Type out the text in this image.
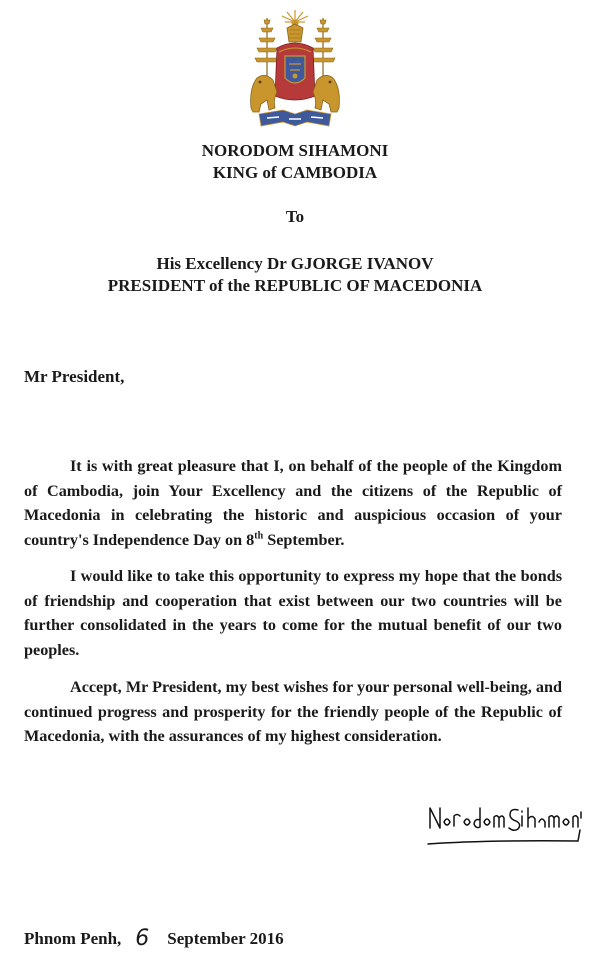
NORODOM SIHAMONI
KING of CAMBODIA
To
His Excellency Dr GJORGE IVANOV
PRESIDENT of the REPUBLIC OF MACEDONIA
Mr President,

It is with great pleasure that I, on behalf of the people of the Kingdom of Cambodia, join Your Excellency and the citizens of the Republic of Macedonia in celebrating the historic and auspicious occasion of your country's Independence Day on 8th September.

I would like to take this opportunity to express my hope that the bonds of friendship and cooperation that exist between our two countries will be further consolidated in the years to come for the mutual benefit of our two peoples.

Accept, Mr President, my best wishes for your personal well-being, and continued progress and prosperity for the friendly people of the Republic of Macedonia, with the assurances of my highest consideration.

Phnom Penh, 6 September 2016
